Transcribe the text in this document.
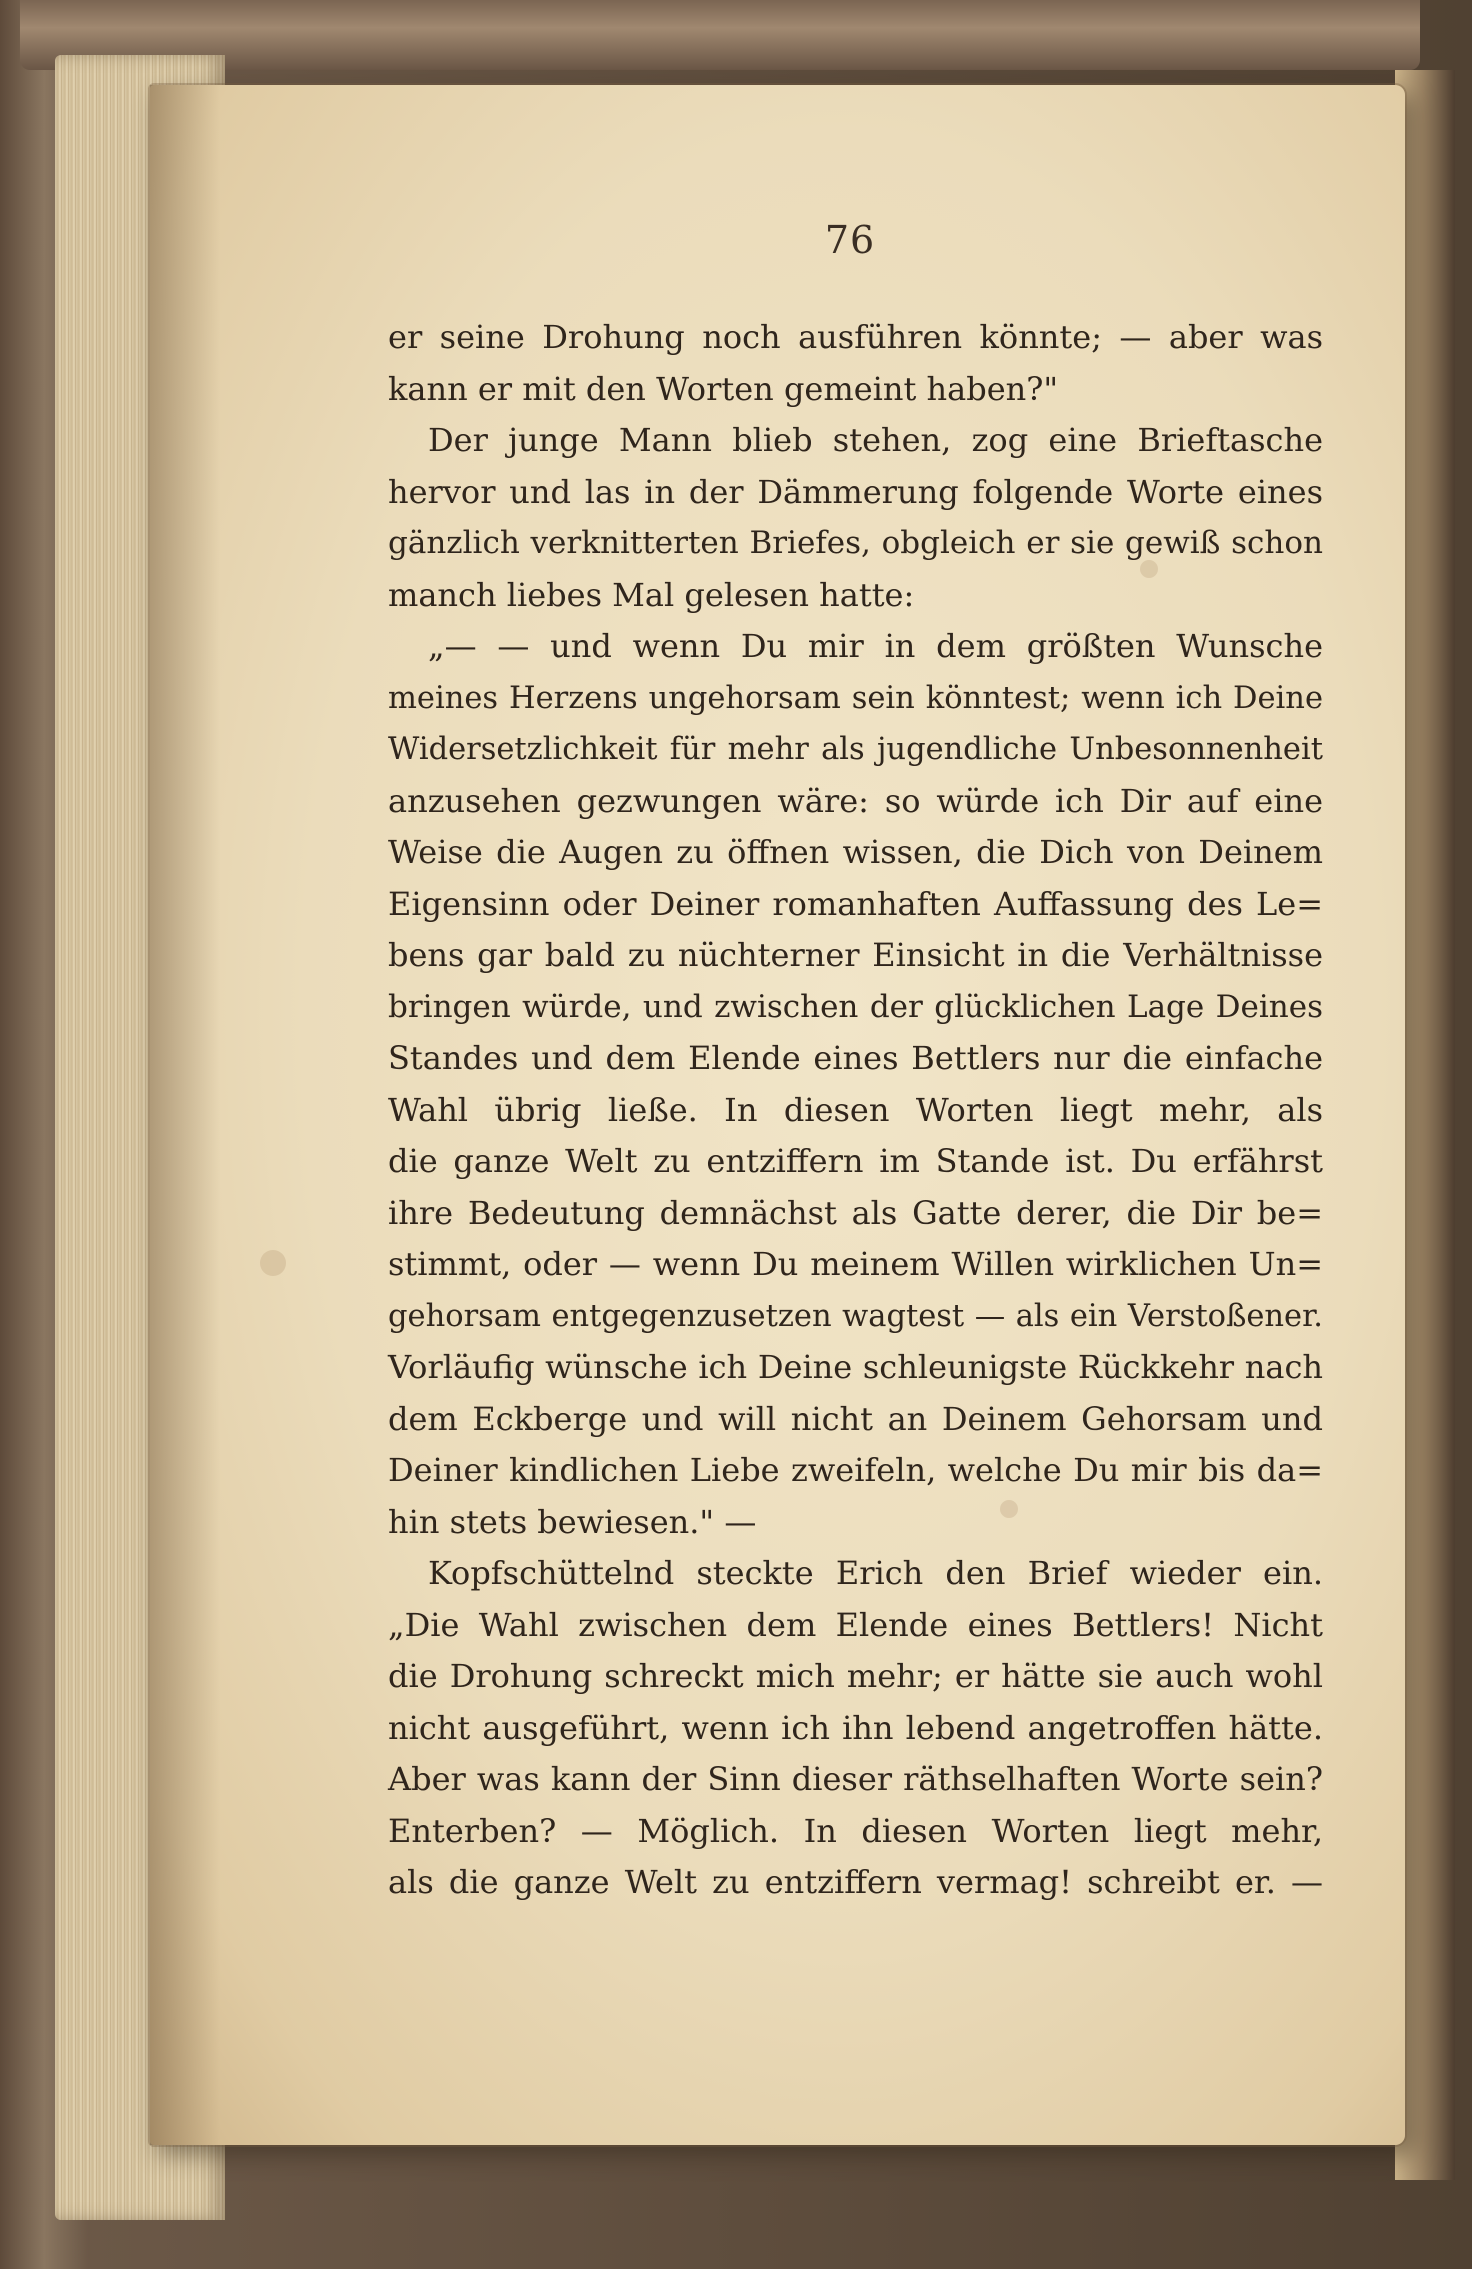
76
er seine Drohung noch ausführen könnte; — aber was
kann er mit den Worten gemeint haben?"
Der junge Mann blieb stehen, zog eine Brieftasche
hervor und las in der Dämmerung folgende Worte eines
gänzlich verknitterten Briefes, obgleich er sie gewiß schon
manch liebes Mal gelesen hatte:
„— — und wenn Du mir in dem größten Wunsche
meines Herzens ungehorsam sein könntest; wenn ich Deine
Widersetzlichkeit für mehr als jugendliche Unbesonnenheit
anzusehen gezwungen wäre: so würde ich Dir auf eine
Weise die Augen zu öffnen wissen, die Dich von Deinem
Eigensinn oder Deiner romanhaften Auffassung des Le=
bens gar bald zu nüchterner Einsicht in die Verhältnisse
bringen würde, und zwischen der glücklichen Lage Deines
Standes und dem Elende eines Bettlers nur die einfache
Wahl übrig ließe. In diesen Worten liegt mehr, als
die ganze Welt zu entziffern im Stande ist. Du erfährst
ihre Bedeutung demnächst als Gatte derer, die Dir be=
stimmt, oder — wenn Du meinem Willen wirklichen Un=
gehorsam entgegenzusetzen wagtest — als ein Verstoßener.
Vorläufig wünsche ich Deine schleunigste Rückkehr nach
dem Eckberge und will nicht an Deinem Gehorsam und
Deiner kindlichen Liebe zweifeln, welche Du mir bis da=
hin stets bewiesen." —
Kopfschüttelnd steckte Erich den Brief wieder ein.
„Die Wahl zwischen dem Elende eines Bettlers! Nicht
die Drohung schreckt mich mehr; er hätte sie auch wohl
nicht ausgeführt, wenn ich ihn lebend angetroffen hätte.
Aber was kann der Sinn dieser räthselhaften Worte sein?
Enterben? — Möglich. In diesen Worten liegt mehr,
als die ganze Welt zu entziffern vermag! schreibt er. —
